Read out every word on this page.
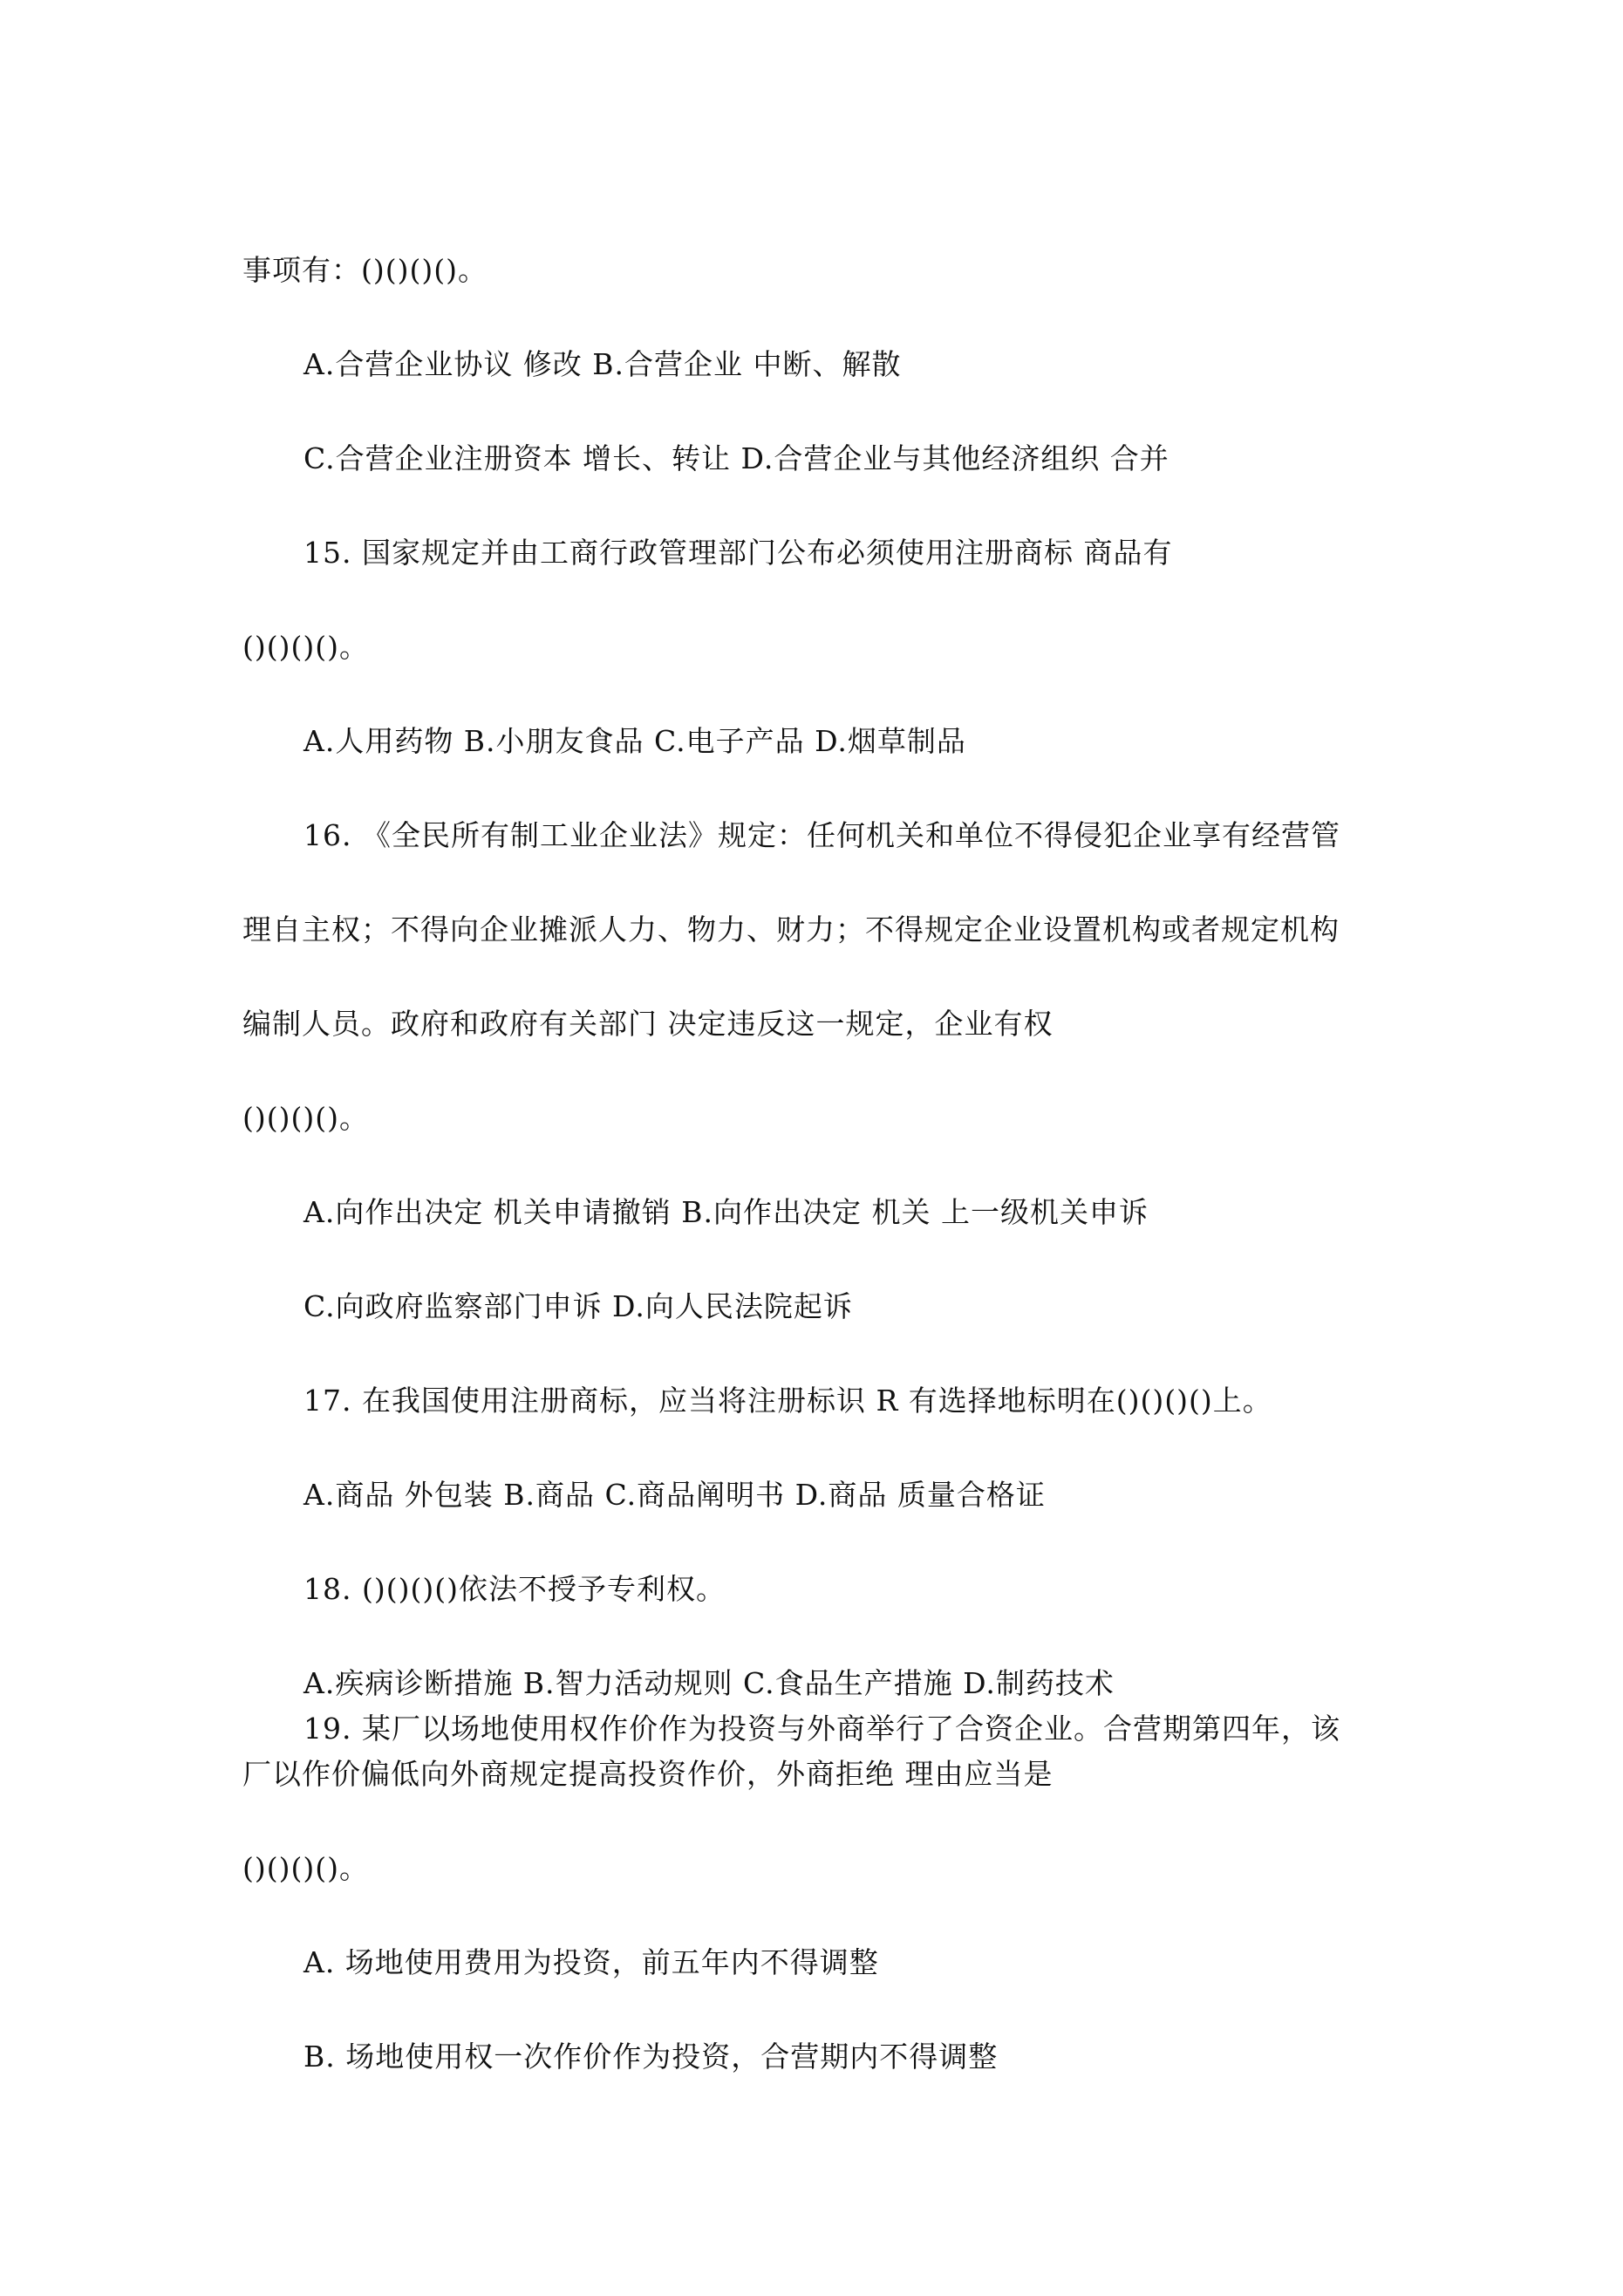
事项有：()()()()。
A.合营企业协议 修改 B.合营企业 中断、解散
C.合营企业注册资本 增长、转让 D.合营企业与其他经济组织 合并
15. 国家规定并由工商行政管理部门公布必须使用注册商标 商品有
()()()()。
A.人用药物 B.小朋友食品 C.电子产品 D.烟草制品
16. 《全民所有制工业企业法》规定：任何机关和单位不得侵犯企业享有经营管
理自主权；不得向企业摊派人力、物力、财力；不得规定企业设置机构或者规定机构
编制人员。政府和政府有关部门 决定违反这一规定，企业有权
()()()()。
A.向作出决定 机关申请撤销 B.向作出决定 机关 上一级机关申诉
C.向政府监察部门申诉 D.向人民法院起诉
17. 在我国使用注册商标，应当将注册标识 R 有选择地标明在()()()()上。
A.商品 外包装 B.商品 C.商品阐明书 D.商品 质量合格证
18. ()()()()依法不授予专利权。
A.疾病诊断措施 B.智力活动规则 C.食品生产措施 D.制药技术
19. 某厂以场地使用权作价作为投资与外商举行了合资企业。合营期第四年，该
厂以作价偏低向外商规定提高投资作价，外商拒绝 理由应当是
()()()()。
A. 场地使用费用为投资，前五年内不得调整
B. 场地使用权一次作价作为投资，合营期内不得调整
